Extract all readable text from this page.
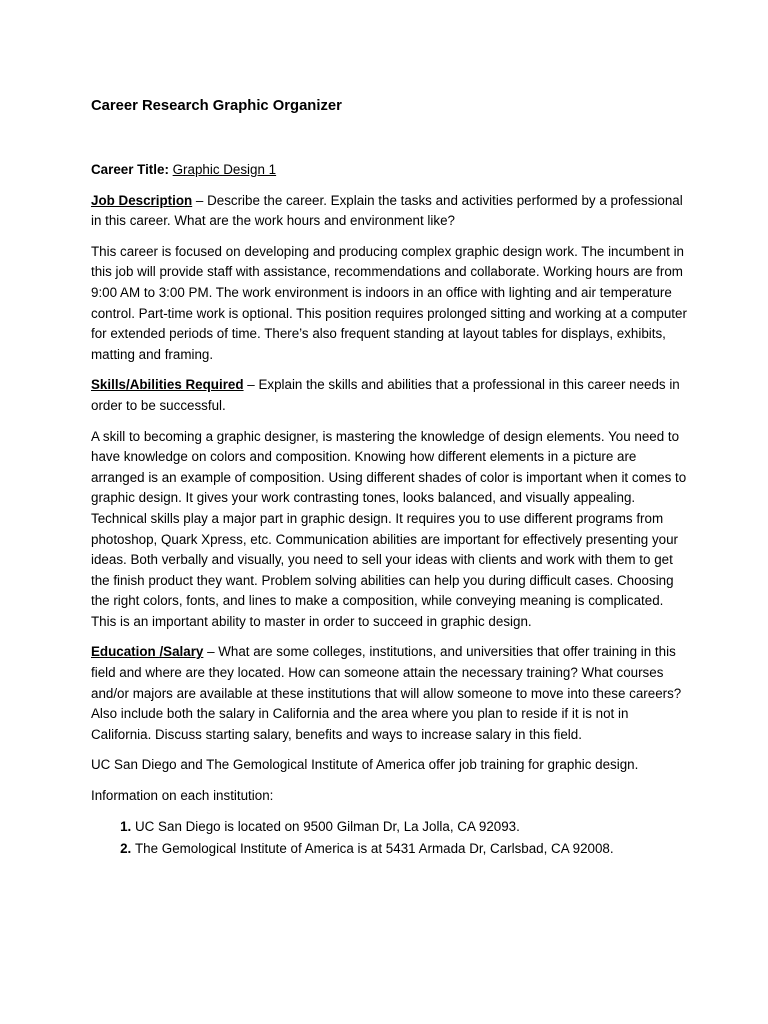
Career Research Graphic Organizer

Career Title: Graphic Design 1

Job Description – Describe the career. Explain the tasks and activities performed by a professional in this career. What are the work hours and environment like?

This career is focused on developing and producing complex graphic design work. The incumbent in this job will provide staff with assistance, recommendations and collaborate. Working hours are from 9:00 AM to 3:00 PM. The work environment is indoors in an office with lighting and air temperature control. Part-time work is optional. This position requires prolonged sitting and working at a computer for extended periods of time. There’s also frequent standing at layout tables for displays, exhibits, matting and framing.

Skills/Abilities Required – Explain the skills and abilities that a professional in this career needs in order to be successful.

A skill to becoming a graphic designer, is mastering the knowledge of design elements. You need to have knowledge on colors and composition. Knowing how different elements in a picture are arranged is an example of composition. Using different shades of color is important when it comes to graphic design. It gives your work contrasting tones, looks balanced, and visually appealing. Technical skills play a major part in graphic design. It requires you to use different programs from photoshop, Quark Xpress, etc. Communication abilities are important for effectively presenting your ideas. Both verbally and visually, you need to sell your ideas with clients and work with them to get the finish product they want. Problem solving abilities can help you during difficult cases. Choosing the right colors, fonts, and lines to make a composition, while conveying meaning is complicated. This is an important ability to master in order to succeed in graphic design.

Education /Salary – What are some colleges, institutions, and universities that offer training in this field and where are they located. How can someone attain the necessary training? What courses and/or majors are available at these institutions that will allow someone to move into these careers? Also include both the salary in California and the area where you plan to reside if it is not in California. Discuss starting salary, benefits and ways to increase salary in this field.

UC San Diego and The Gemological Institute of America offer job training for graphic design.

Information on each institution:

1. UC San Diego is located on 9500 Gilman Dr, La Jolla, CA 92093.
2. The Gemological Institute of America is at 5431 Armada Dr, Carlsbad, CA 92008.
